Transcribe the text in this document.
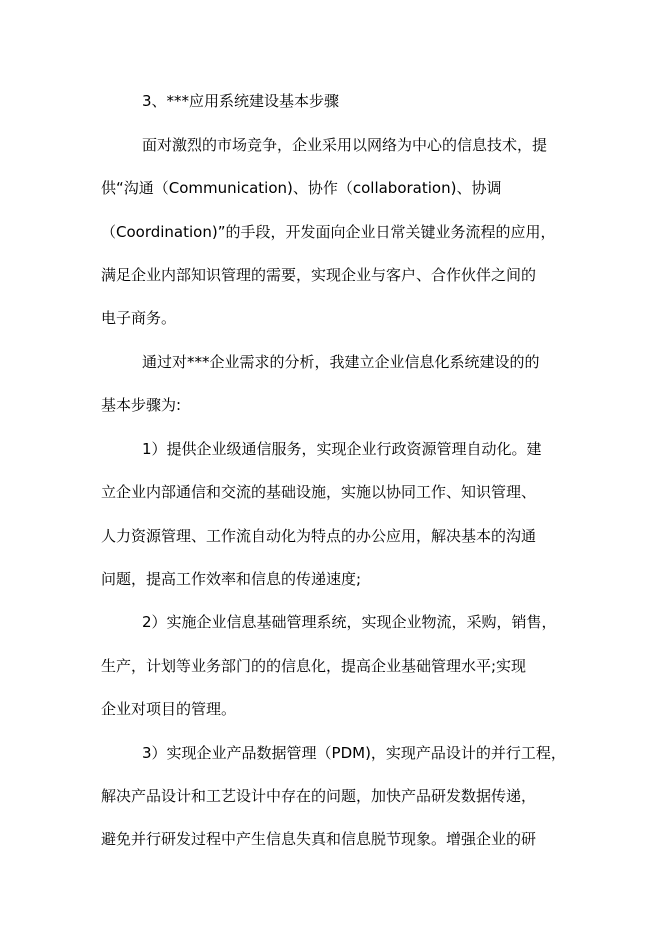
3、***应用系统建设基本步骤
面对激烈的市场竞争，企业采用以网络为中心的信息技术，提
供“沟通（Communication)、协作（collaboration)、协调
（Coordination)”的手段，开发面向企业日常关键业务流程的应用，
满足企业内部知识管理的需要，实现企业与客户、合作伙伴之间的
电子商务。
通过对***企业需求的分析，我建立企业信息化系统建设的的
基本步骤为:
1）提供企业级通信服务，实现企业行政资源管理自动化。建
立企业内部通信和交流的基础设施，实施以协同工作、知识管理、
人力资源管理、工作流自动化为特点的办公应用，解决基本的沟通
问题，提高工作效率和信息的传递速度;
2）实施企业信息基础管理系统，实现企业物流，采购，销售，
生产，计划等业务部门的的信息化，提高企业基础管理水平;实现
企业对项目的管理。
3）实现企业产品数据管理（PDM)，实现产品设计的并行工程，
解决产品设计和工艺设计中存在的问题，加快产品研发数据传递，
避免并行研发过程中产生信息失真和信息脱节现象。增强企业的研
